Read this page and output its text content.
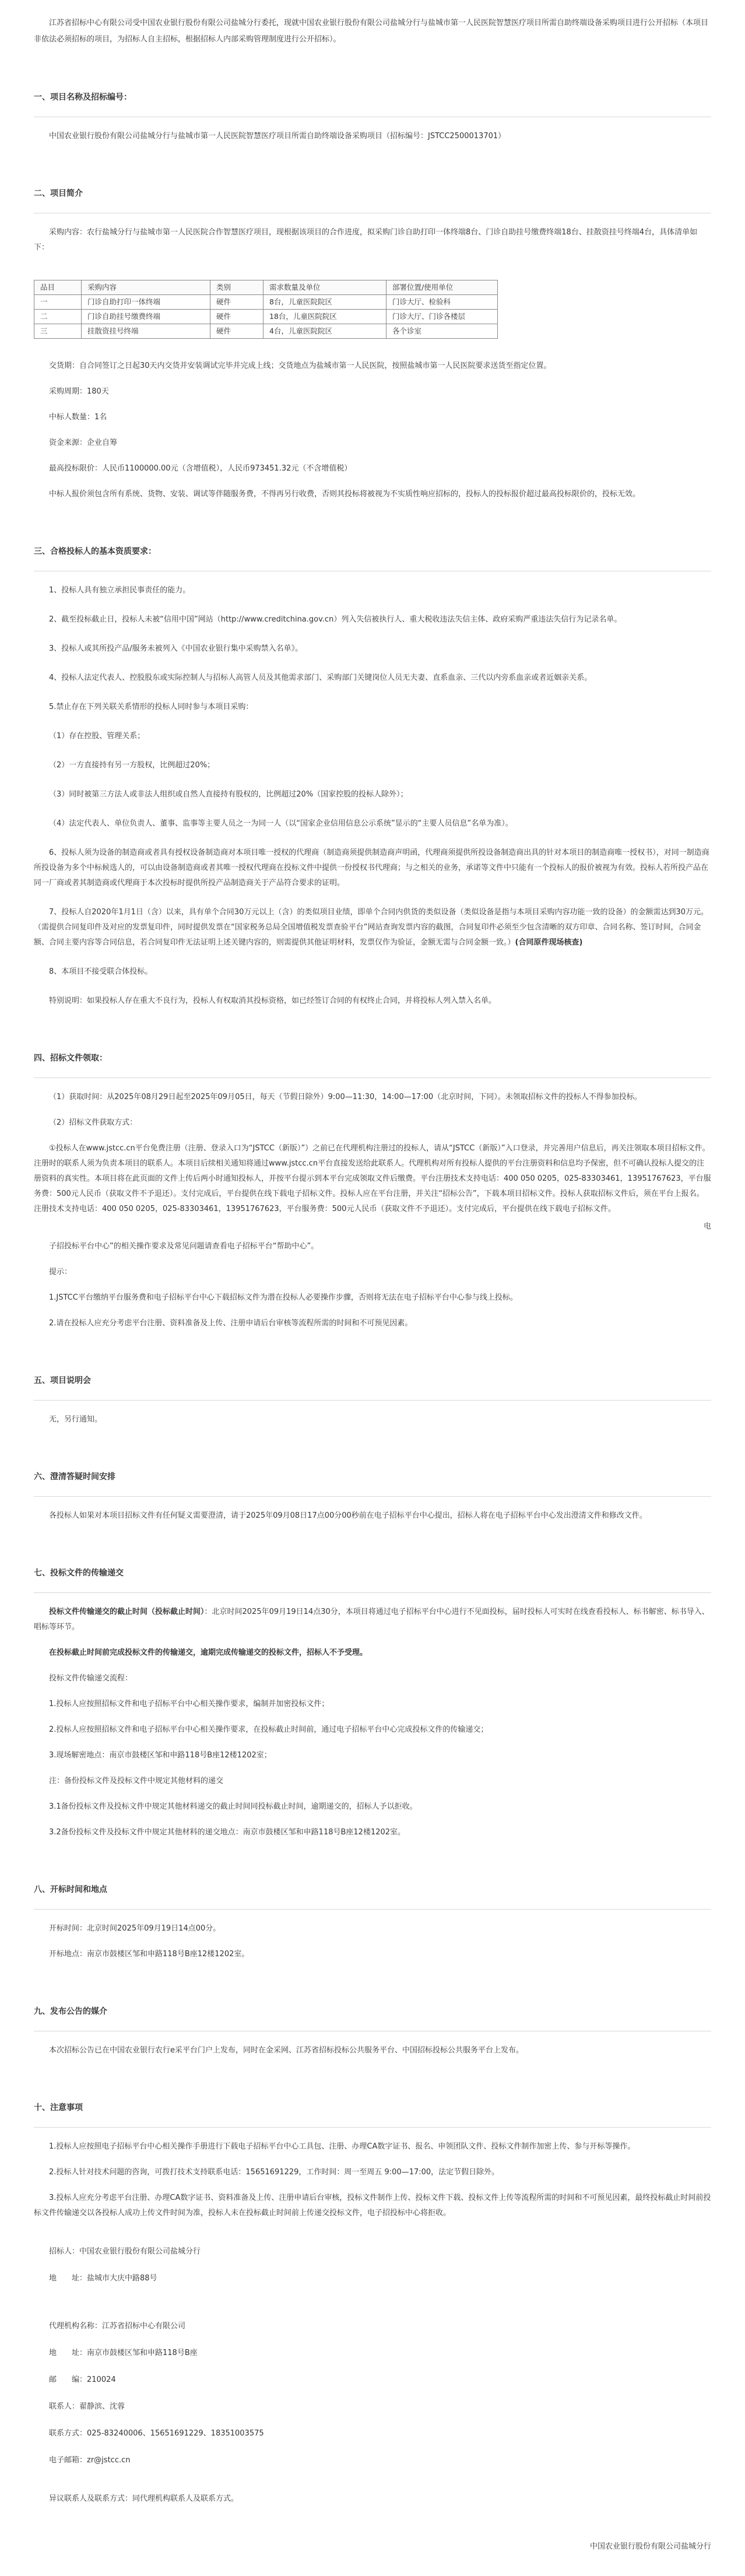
江苏省招标中心有限公司受中国农业银行股份有限公司盐城分行委托，现就中国农业银行股份有限公司盐城分行与盐城市第一人民医院智慧医疗项目所需自助终端设备采购项目进行公开招标（本项目非依法必须招标的项目，为招标人自主招标，根据招标人内部采购管理制度进行公开招标）。

一、项目名称及招标编号：

中国农业银行股份有限公司盐城分行与盐城市第一人民医院智慧医疗项目所需自助终端设备采购项目（招标编号：JSTCC2500013701）

二、项目简介

采购内容：农行盐城分行与盐城市第一人民医院合作智慧医疗项目，现根据该项目的合作进度，拟采购门诊自助打印一体终端8台、门诊自助挂号缴费终端18台、挂散资挂号终端4台，具体清单如下：

品目	采购内容	类别	需求数量及单位	部署位置/使用单位
一	门诊自助打印一体终端	硬件	8台，儿童医院院区	门诊大厅、检验科
二	门诊自助挂号缴费终端	硬件	18台，儿童医院院区	门诊大厅、门诊各楼层
三	挂散资挂号终端	硬件	4台，儿童医院院区	各个诊室

交货期：自合同签订之日起30天内交货并安装调试完毕并完成上线；交货地点为盐城市第一人民医院，按照盐城市第一人民医院要求送货至指定位置。

采购周期：180天

中标人数量：1名

资金来源：企业自筹

最高投标限价：人民币1100000.00元（含增值税），人民币973451.32元（不含增值税）

中标人报价须包含所有系统、货物、安装、调试等伴随服务费，不得再另行收费，否则其投标将被视为不实质性响应招标的，投标人的投标报价超过最高投标限价的，投标无效。

三、合格投标人的基本资质要求：

1、投标人具有独立承担民事责任的能力。

2、截至投标截止日，投标人未被“信用中国”网站（http://www.creditchina.gov.cn）列入失信被执行人、重大税收违法失信主体、政府采购严重违法失信行为记录名单。

3、投标人或其所投产品/服务未被列入《中国农业银行集中采购禁入名单》。

4、投标人法定代表人、控股股东或实际控制人与招标人高管人员及其他需求部门、采购部门关键岗位人员无夫妻、直系血亲、三代以内旁系血亲或者近姻亲关系。

5.禁止存在下列关联关系情形的投标人同时参与本项目采购：

（1）存在控股、管理关系；

（2）一方直接持有另一方股权，比例超过20%；

（3）同时被第三方法人或非法人组织或自然人直接持有股权的，比例超过20%（国家控股的投标人除外）；

（4）法定代表人、单位负责人、董事、监事等主要人员之一为同一人（以“国家企业信用信息公示系统”显示的“主要人员信息”名单为准）。

6、投标人须为设备的制造商或者具有授权设备制造商对本项目唯一授权的代理商（制造商须提供制造商声明函，代理商须提供所投设备制造商出具的针对本项目的制造商唯一授权书），对同一制造商所投设备为多个中标候选人的，可以由设备制造商或者其唯一授权代理商在投标文件中提供一份授权书代理商；与之相关的业务，承诺等文件中只能有一个投标人的报价被视为有效。投标人若所投产品在同一厂商或者其制造商或代理商于本次投标时提供所投产品制造商关于产品符合要求的证明。

7、投标人自2020年1月1日（含）以来，具有单个合同30万元以上（含）的类似项目业绩，即单个合同内供货的类似设备（类似设备是指与本项目采购内容功能一致的设备）的金额需达到30万元。（需提供合同复印件及对应的发票复印件，同时提供发票在“国家税务总局全国增值税发票查验平台”网站查询发票内容的截图，合同复印件必须至少包含清晰的双方印章、合同名称、签订时间，合同金额、合同主要内容等合同信息，若合同复印件无法证明上述关键内容的，则需提供其他证明材料，发票仅作为验证，金额无需与合同金额一致。）(合同原件现场核查)

8、本项目不接受联合体投标。

特别说明：如果投标人存在重大不良行为，投标人有权取消其投标资格，如已经签订合同的有权终止合同，并将投标人列入禁入名单。

四、招标文件领取：

（1）获取时间：从2025年08月29日起至2025年09月05日，每天（节假日除外）9:00—11:30，14:00—17:00（北京时间，下同）。未领取招标文件的投标人不得参加投标。

（2）招标文件获取方式：

①投标人在www.jstcc.cn平台免费注册（注册、登录入口为“JSTCC（新版）”）之前已在代理机构注册过的投标人，请从“JSTCC（新版）”入口登录，并完善用户信息后，再关注领取本项目招标文件。注册时的联系人须为负责本项目的联系人。本项目后续相关通知将通过www.jstcc.cn平台直接发送给此联系人。代理机构对所有投标人提供的平台注册资料和信息均予保密，但不可确认投标人提交的注册资料的真实性。本项目将在此页面的文件上传后两小时通知投标人，并按平台提示到本平台完成领取文件后缴费。平台注册技术支持电话：400 050 0205，025-83303461，13951767623，平台服务费：500元人民币（获取文件不予退还）。支付完成后，平台提供在线下载电子招标文件。投标人应在平台注册，并关注“招标公告”，下载本项目招标文件。投标人获取招标文件后，须在平台上报名。注册技术支持电话：400 050 0205，025-83303461，13951767623，平台服务费：500元人民币（获取文件不予退还）。支付完成后，平台提供在线下载电子招标文件。

电

子招投标平台中心”的相关操作要求及常见问题请查看电子招标平台“帮助中心”。

提示：

1.JSTCC平台缴纳平台服务费和电子招标平台中心下载招标文件为潜在投标人必要操作步骤，否则将无法在电子招标平台中心参与线上投标。

2.请在投标人应充分考虑平台注册、资料准备及上传、注册申请后台审核等流程所需的时间和不可预见因素。

五、项目说明会

无，另行通知。

六、澄清答疑时间安排

各投标人如果对本项目招标文件有任何疑义需要澄清，请于2025年09月08日17点00分00秒前在电子招标平台中心提出，招标人将在电子招标平台中心发出澄清文件和修改文件。

七、投标文件的传输递交

投标文件传输递交的截止时间（投标截止时间）：北京时间2025年09月19日14点30分，本项目将通过电子招标平台中心进行不见面投标，届时投标人可实时在线查看投标人、标书解密、标书导入、唱标等环节。

在投标截止时间前完成投标文件的传输递交，逾期完成传输递交的投标文件，招标人不予受理。

投标文件传输递交流程：

1.投标人应按照招标文件和电子招标平台中心相关操作要求，编制并加密投标文件；

2.投标人应按照招标文件和电子招标平台中心相关操作要求，在投标截止时间前，通过电子招标平台中心完成投标文件的传输递交；

3.现场解密地点：南京市鼓楼区邹和申路118号B座12楼1202室；

注：备份投标文件及投标文件中规定其他材料的递交

3.1备份投标文件及投标文件中规定其他材料递交的截止时间同投标截止时间，逾期递交的，招标人予以拒收。

3.2备份投标文件及投标文件中规定其他材料的递交地点：南京市鼓楼区邹和申路118号B座12楼1202室。

八、开标时间和地点

开标时间：北京时间2025年09月19日14点00分。

开标地点：南京市鼓楼区邹和申路118号B座12楼1202室。

九、发布公告的媒介

本次招标公告已在中国农业银行农行e采平台门户上发布，同时在金采网、江苏省招标投标公共服务平台、中国招标投标公共服务平台上发布。

十、注意事项

1.投标人应按照电子招标平台中心相关操作手册进行下载电子招标平台中心工具包、注册、办理CA数字证书、报名、申领团队文件、投标文件制作加密上传、参与开标等操作。

2.投标人针对技术问题的咨询，可拨打技术支持联系电话：15651691229，工作时间：周一至周五 9:00—17:00，法定节假日除外。

3.投标人应充分考虑平台注册、办理CA数字证书、资料准备及上传、注册申请后台审核，投标文件制作上传、投标文件下载、投标文件上传等流程所需的时间和不可预见因素，最终投标截止时间前投标文件传输递交以各投标人成功上传文件时间为准，投标人未在投标截止时间前上传递交投标文件，电子招投标中心将拒收。

招标人：中国农业银行股份有限公司盐城分行

地　　址：盐城市大庆中路88号

代理机构名称：江苏省招标中心有限公司

地　　址：南京市鼓楼区邹和申路118号B座

邮　　编：210024

联系人：翟静滨、沈蓉

联系方式：025-83240006、15651691229、18351003575

电子邮箱：zr@jstcc.cn

异议联系人及联系方式：同代理机构联系人及联系方式。

中国农业银行股份有限公司盐城分行
